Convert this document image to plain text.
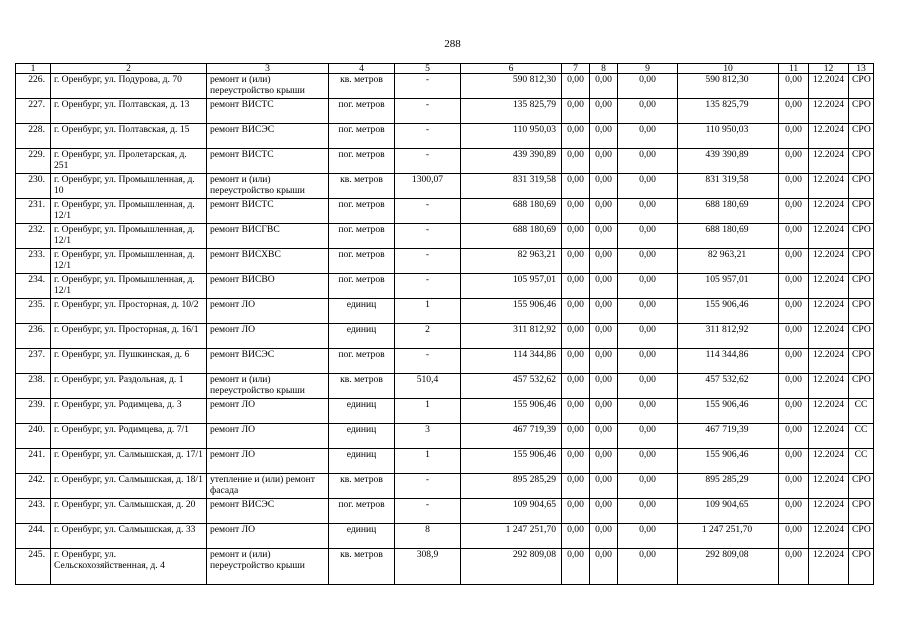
288
1	2	3	4	5	6	7	8	9	10	11	12	13
226.	г. Оренбург, ул. Подурова, д. 70	ремонт и (или) переустройство крыши	кв. метров	-	590 812,30	0,00	0,00	0,00	590 812,30	0,00	12.2024	СРО
227.	г. Оренбург, ул. Полтавская, д. 13	ремонт ВИСТС	пог. метров	-	135 825,79	0,00	0,00	0,00	135 825,79	0,00	12.2024	СРО
228.	г. Оренбург, ул. Полтавская, д. 15	ремонт ВИСЭС	пог. метров	-	110 950,03	0,00	0,00	0,00	110 950,03	0,00	12.2024	СРО
229.	г. Оренбург, ул. Пролетарская, д. 251	ремонт ВИСТС	пог. метров	-	439 390,89	0,00	0,00	0,00	439 390,89	0,00	12.2024	СРО
230.	г. Оренбург, ул. Промышленная, д. 10	ремонт и (или) переустройство крыши	кв. метров	1300,07	831 319,58	0,00	0,00	0,00	831 319,58	0,00	12.2024	СРО
231.	г. Оренбург, ул. Промышленная, д. 12/1	ремонт ВИСТС	пог. метров	-	688 180,69	0,00	0,00	0,00	688 180,69	0,00	12.2024	СРО
232.	г. Оренбург, ул. Промышленная, д. 12/1	ремонт ВИСГВС	пог. метров	-	688 180,69	0,00	0,00	0,00	688 180,69	0,00	12.2024	СРО
233.	г. Оренбург, ул. Промышленная, д. 12/1	ремонт ВИСХВС	пог. метров	-	82 963,21	0,00	0,00	0,00	82 963,21	0,00	12.2024	СРО
234.	г. Оренбург, ул. Промышленная, д. 12/1	ремонт ВИСВО	пог. метров	-	105 957,01	0,00	0,00	0,00	105 957,01	0,00	12.2024	СРО
235.	г. Оренбург, ул. Просторная, д. 10/2	ремонт ЛО	единиц	1	155 906,46	0,00	0,00	0,00	155 906,46	0,00	12.2024	СРО
236.	г. Оренбург, ул. Просторная, д. 16/1	ремонт ЛО	единиц	2	311 812,92	0,00	0,00	0,00	311 812,92	0,00	12.2024	СРО
237.	г. Оренбург, ул. Пушкинская, д. 6	ремонт ВИСЭС	пог. метров	-	114 344,86	0,00	0,00	0,00	114 344,86	0,00	12.2024	СРО
238.	г. Оренбург, ул. Раздольная, д. 1	ремонт и (или) переустройство крыши	кв. метров	510,4	457 532,62	0,00	0,00	0,00	457 532,62	0,00	12.2024	СРО
239.	г. Оренбург, ул. Родимцева, д. 3	ремонт ЛО	единиц	1	155 906,46	0,00	0,00	0,00	155 906,46	0,00	12.2024	СС
240.	г. Оренбург, ул. Родимцева, д. 7/1	ремонт ЛО	единиц	3	467 719,39	0,00	0,00	0,00	467 719,39	0,00	12.2024	СС
241.	г. Оренбург, ул. Салмышская, д. 17/1	ремонт ЛО	единиц	1	155 906,46	0,00	0,00	0,00	155 906,46	0,00	12.2024	СС
242.	г. Оренбург, ул. Салмышская, д. 18/1	утепление и (или) ремонт фасада	кв. метров	-	895 285,29	0,00	0,00	0,00	895 285,29	0,00	12.2024	СРО
243.	г. Оренбург, ул. Салмышская, д. 20	ремонт ВИСЭС	пог. метров	-	109 904,65	0,00	0,00	0,00	109 904,65	0,00	12.2024	СРО
244.	г. Оренбург, ул. Салмышская, д. 33	ремонт ЛО	единиц	8	1 247 251,70	0,00	0,00	0,00	1 247 251,70	0,00	12.2024	СРО
245.	г. Оренбург, ул. Сельскохозяйственная, д. 4	ремонт и (или) переустройство крыши	кв. метров	308,9	292 809,08	0,00	0,00	0,00	292 809,08	0,00	12.2024	СРО
